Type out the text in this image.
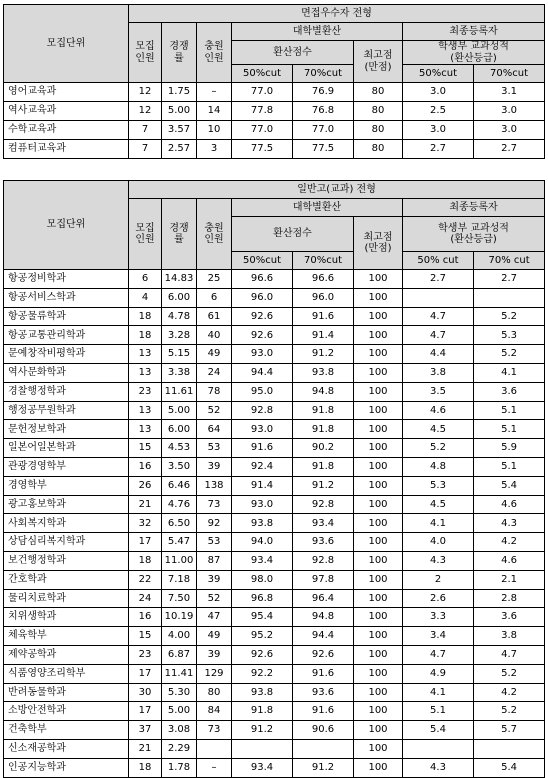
모집단위	면접우수자 전형							
	모집인원	경쟁률	충원인원	대학별환산			최종등록자	
				환산점수		최고점(만점)	학생부 교과성적
(환산등급)	

				50%cut	70%cut		50%cut	70%cut
영어교육과	12	1.75	–	77.0	76.9	80	3.0	3.1
역사교육과	12	5.00	14	77.8	76.8	80	2.5	3.0
수학교육과	7	3.57	10	77.0	77.0	80	3.0	3.0
컴퓨터교육과	7	2.57	3	77.5	77.5	80	2.7	2.7
모집단위	일반고(교과) 전형							
	모집인원	경쟁률	충원인원	대학별환산			최종등록자	
				환산점수		최고점(만점)	학생부 교과성적
(환산등급)	

				50%cut	70%cut		50% cut	70% cut
항공정비학과	6	14.83	25	96.6	96.6	100	2.7	2.7
항공서비스학과	4	6.00	6	96.0	96.0	100		
항공물류학과	18	4.78	61	92.6	91.6	100	4.7	5.2
항공교통관리학과	18	3.28	40	92.6	91.4	100	4.7	5.3
문예창작비평학과	13	5.15	49	93.0	91.2	100	4.4	5.2
역사문화학과	13	3.38	24	94.4	93.8	100	3.8	4.1
경찰행정학과	23	11.61	78	95.0	94.8	100	3.5	3.6
행정공무원학과	13	5.00	52	92.8	91.8	100	4.6	5.1
문헌정보학과	13	6.00	64	93.0	91.8	100	4.5	5.1
일본어일본학과	15	4.53	53	91.6	90.2	100	5.2	5.9
관광경영학부	16	3.50	39	92.4	91.8	100	4.8	5.1
경영학부	26	6.46	138	91.4	91.2	100	5.3	5.4
광고홍보학과	21	4.76	73	93.0	92.8	100	4.5	4.6
사회복지학과	32	6.50	92	93.8	93.4	100	4.1	4.3
상담심리복지학과	17	5.47	53	94.0	93.6	100	4.0	4.2
보건행정학과	18	11.00	87	93.4	92.8	100	4.3	4.6
간호학과	22	7.18	39	98.0	97.8	100	2	2.1
물리치료학과	24	7.50	52	96.8	96.4	100	2.6	2.8
치위생학과	16	10.19	47	95.4	94.8	100	3.3	3.6
체육학부	15	4.00	49	95.2	94.4	100	3.4	3.8
제약공학과	23	6.87	39	92.6	92.6	100	4.7	4.7
식품영양조리학부	17	11.41	129	92.2	91.6	100	4.9	5.2
반려동물학과	30	5.30	80	93.8	93.6	100	4.1	4.2
소방안전학과	17	5.00	84	91.8	91.6	100	5.1	5.2
건축학부	37	3.08	73	91.2	90.6	100	5.4	5.7
신소재공학과	21	2.29				100		
인공지능학과	18	1.78	–	93.4	91.2	100	4.3	5.4
